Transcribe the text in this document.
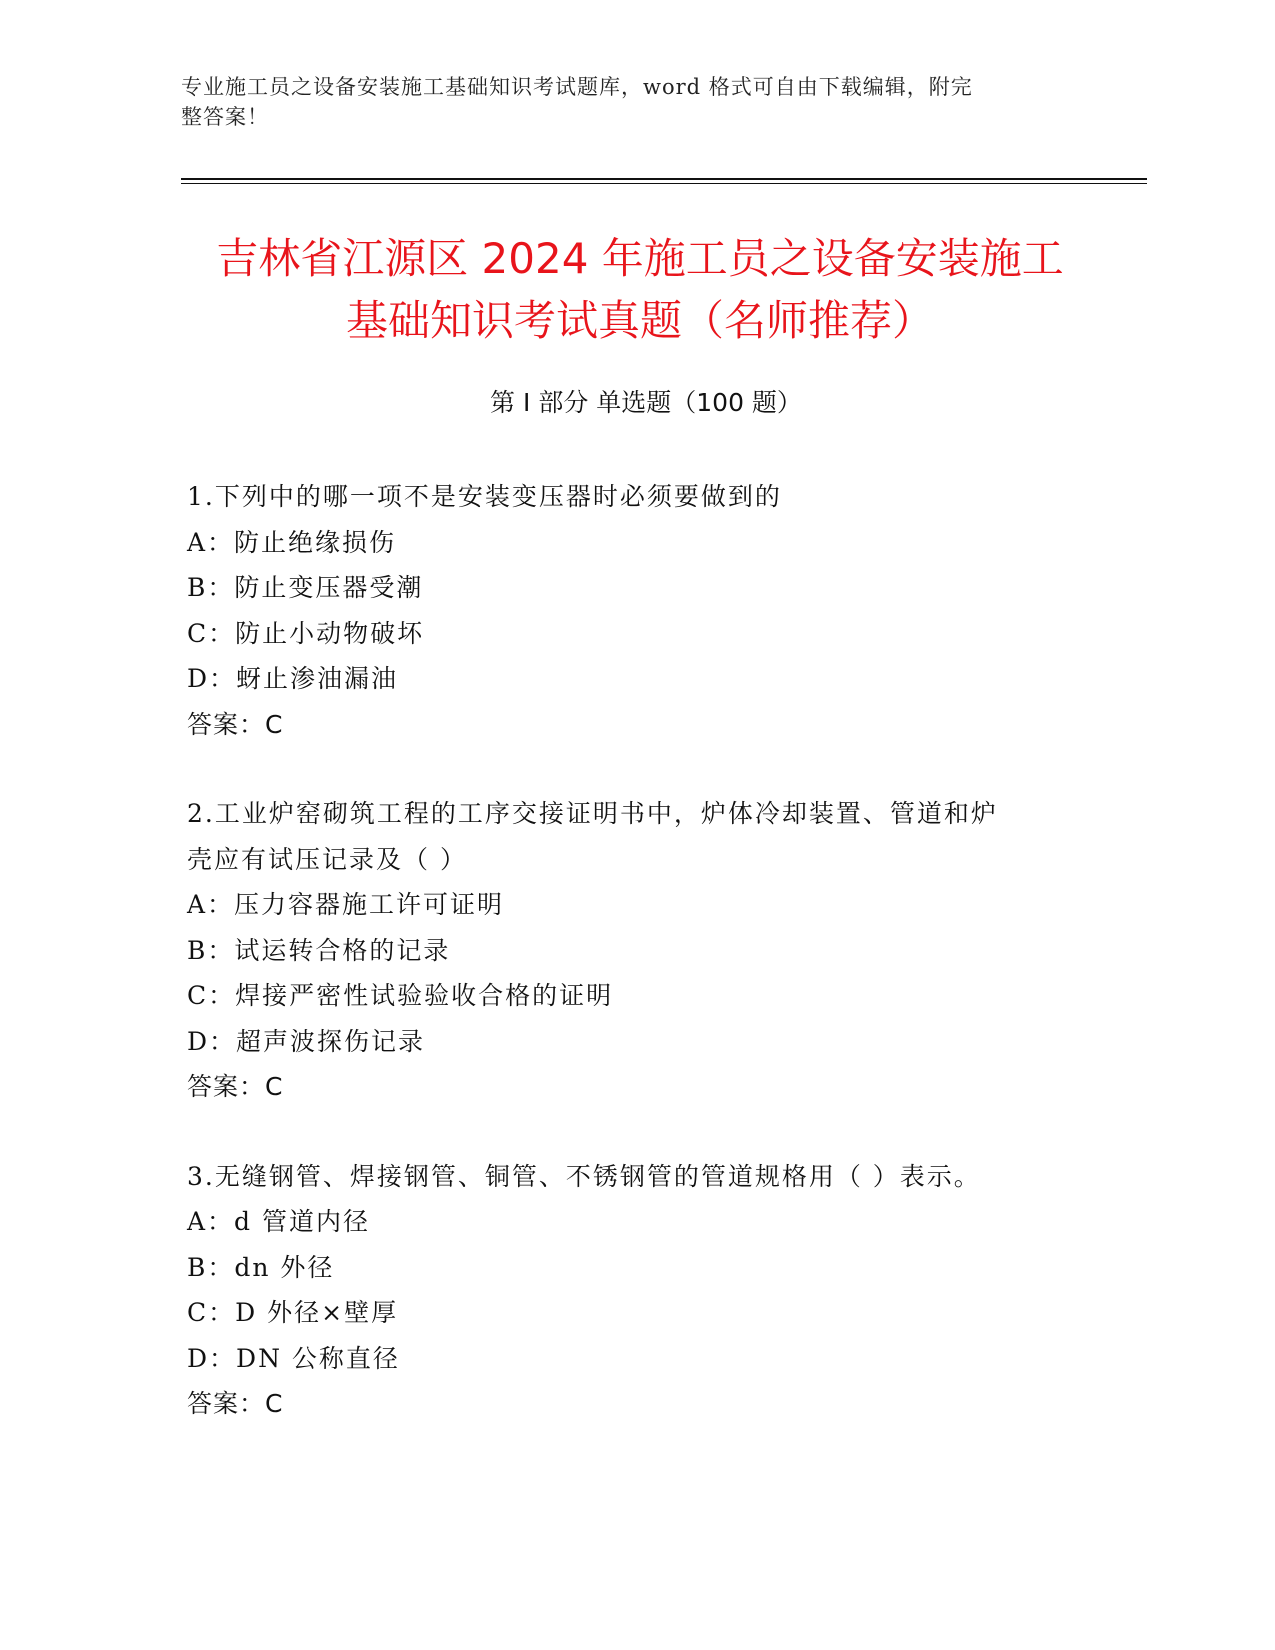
专业施工员之设备安装施工基础知识考试题库，word 格式可自由下载编辑，附完
整答案！
吉林省江源区 2024 年施工员之设备安装施工
基础知识考试真题（名师推荐）
第 I 部分 单选题（100 题）
1.下列中的哪一项不是安装变压器时必须要做到的
A：防止绝缘损伤
B：防止变压器受潮
C：防止小动物破坏
D：蚜止渗油漏油
答案：C
2.工业炉窑砌筑工程的工序交接证明书中，炉体冷却装置、管道和炉
壳应有试压记录及（ ）
A：压力容器施工许可证明
B：试运转合格的记录
C：焊接严密性试验验收合格的证明
D：超声波探伤记录
答案：C
3.无缝钢管、焊接钢管、铜管、不锈钢管的管道规格用（ ）表示。
A：d 管道内径
B：dn 外径
C：D 外径×壁厚
D：DN 公称直径
答案：C
